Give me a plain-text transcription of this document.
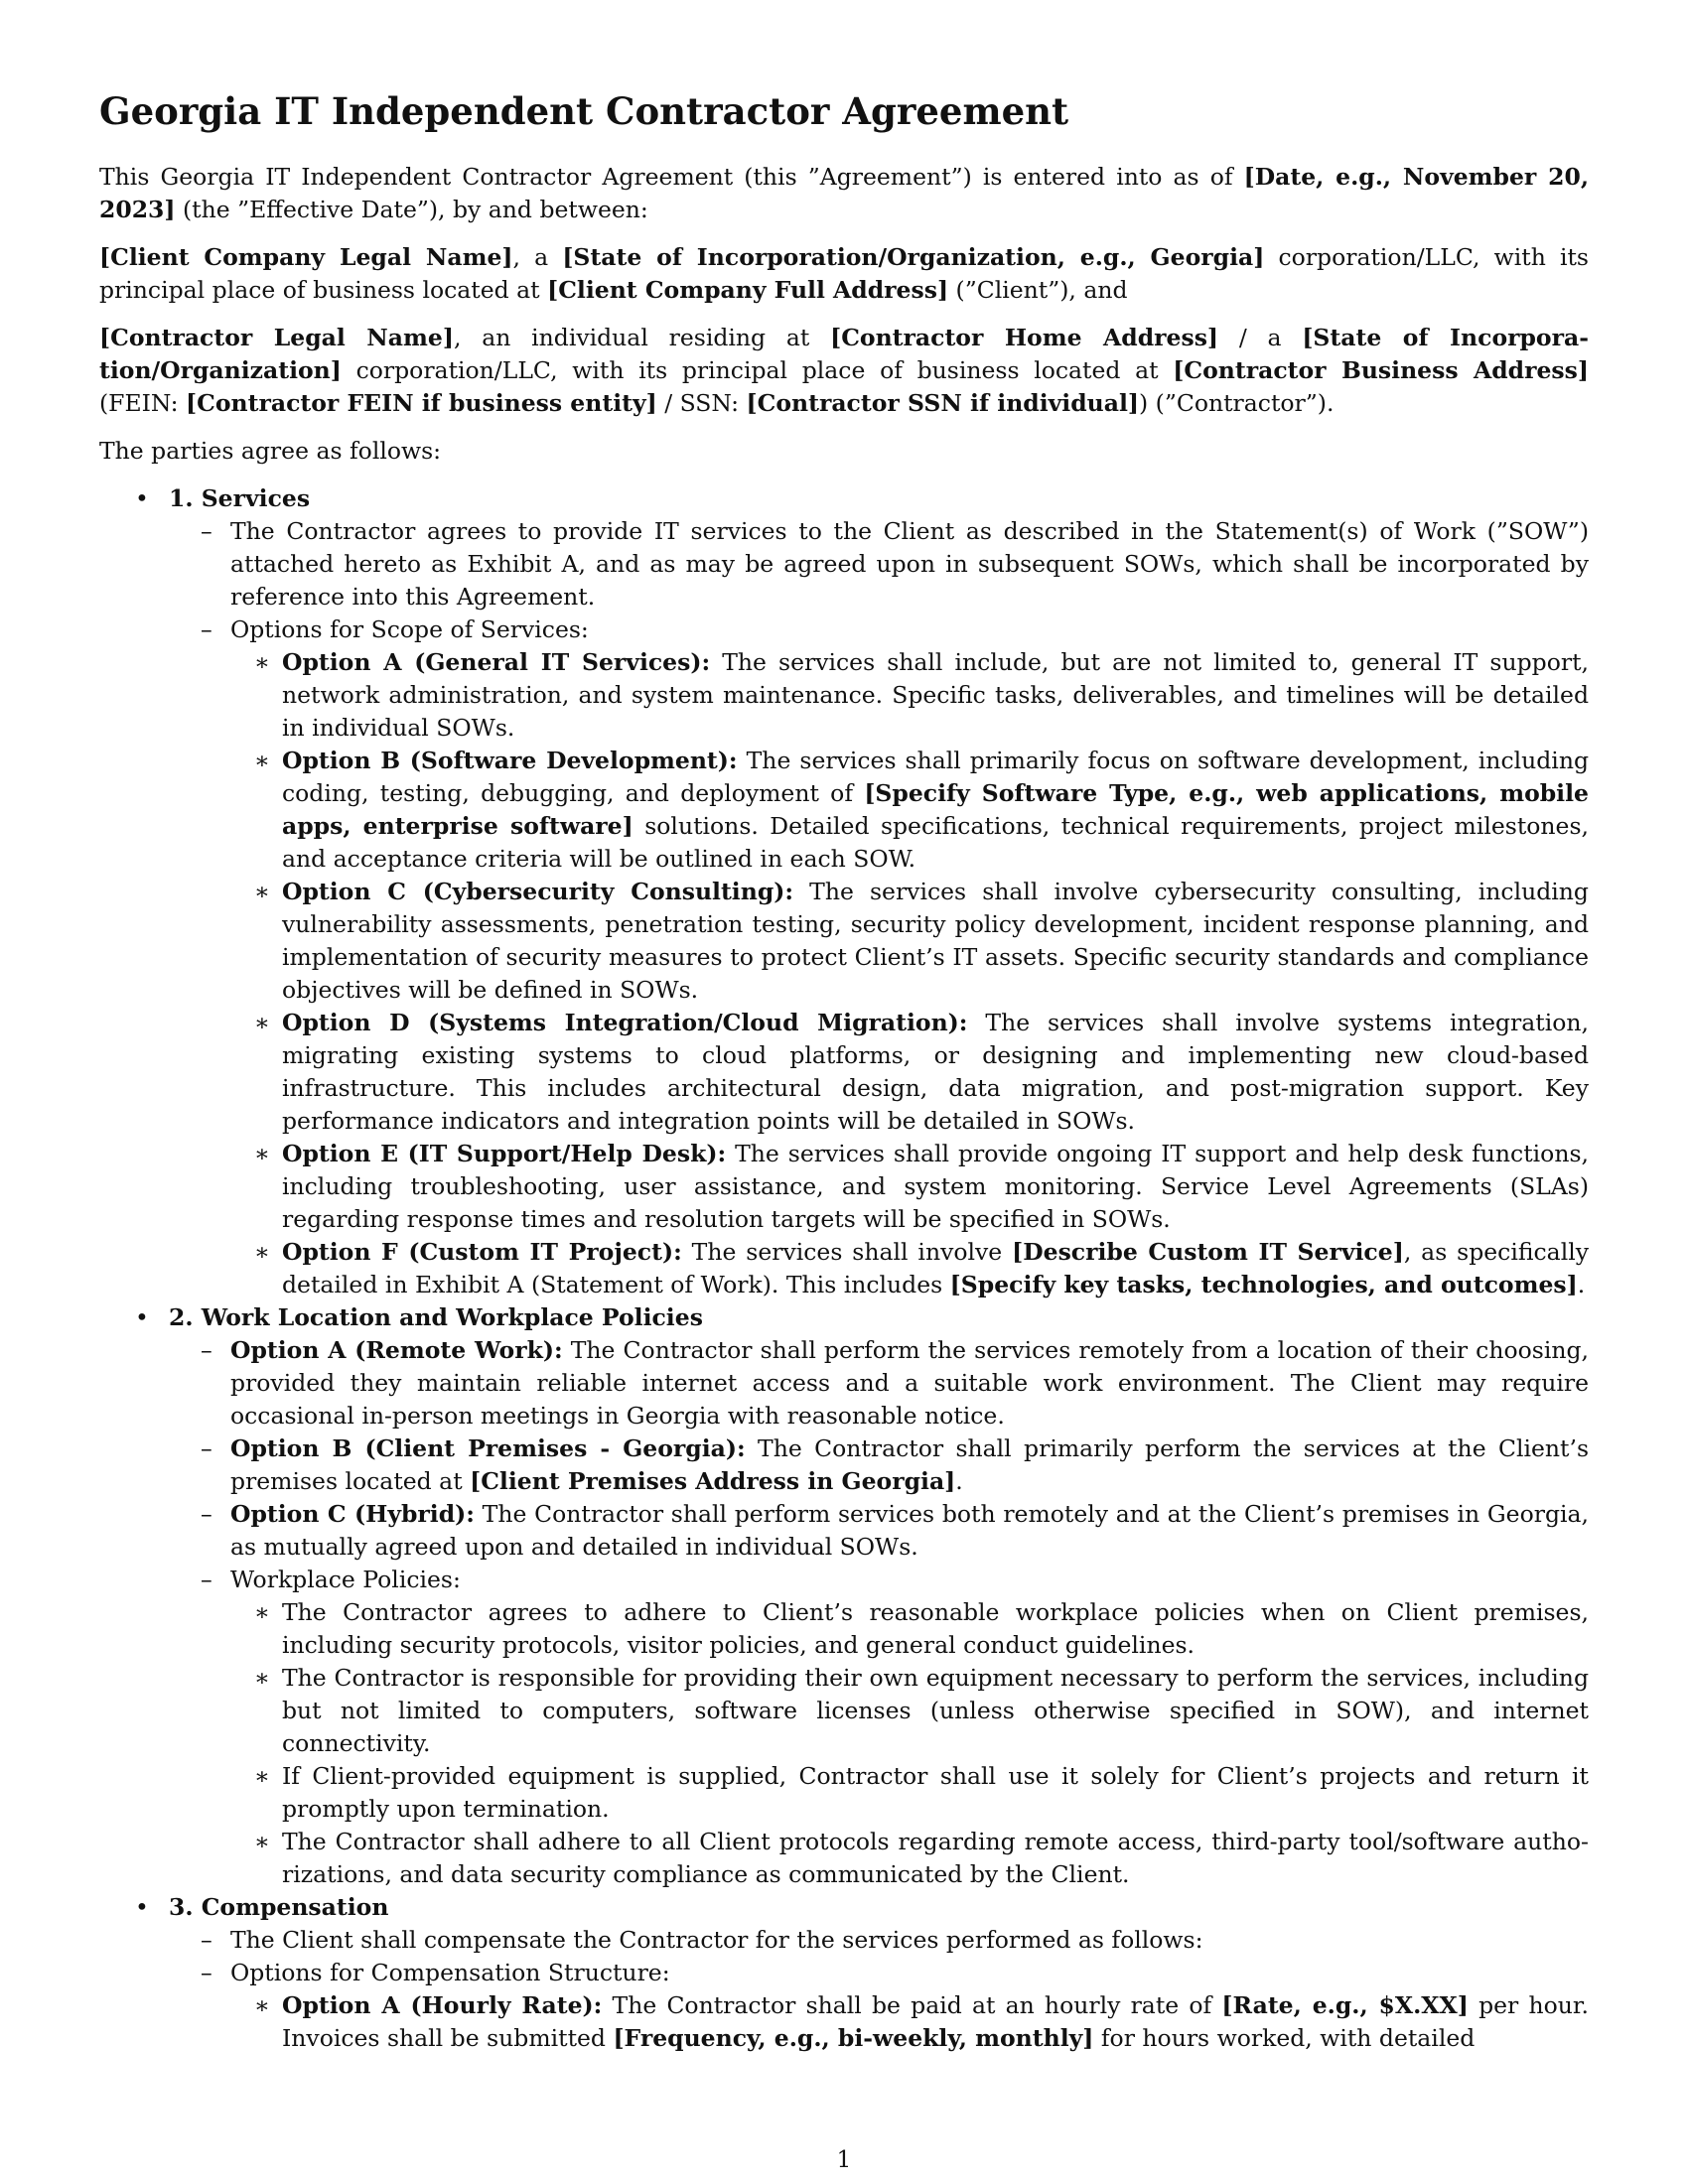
Georgia IT Independent Contractor Agreement

This Georgia IT Independent Contractor Agreement (this ”Agreement”) is entered into as of [Date, e.g., November 20, 2023] (the ”Effective Date”), by and between:

[Client Company Legal Name], a [State of Incorporation/Organization, e.g., Georgia] corporation/LLC, with its principal place of business located at [Client Company Full Address] (”Client”), and

[Contractor Legal Name], an individual residing at [Contractor Home Address] / a [State of Incorporation/Organization] corporation/LLC, with its principal place of business located at [Contractor Business Address] (FEIN: [Contractor FEIN if business entity] / SSN: [Contractor SSN if individual]) (”Contractor”).

The parties agree as follows:

• 1. Services
– The Contractor agrees to provide IT services to the Client as described in the Statement(s) of Work (”SOW”) attached hereto as Exhibit A, and as may be agreed upon in subsequent SOWs, which shall be incorporated by reference into this Agreement.
– Options for Scope of Services:
∗ Option A (General IT Services): The services shall include, but are not limited to, general IT support, network administration, and system maintenance. Specific tasks, deliverables, and timelines will be detailed in individual SOWs.
∗ Option B (Software Development): The services shall primarily focus on software development, including coding, testing, debugging, and deployment of [Specify Software Type, e.g., web applications, mobile apps, enterprise software] solutions. Detailed specifications, technical requirements, project milestones, and acceptance criteria will be outlined in each SOW.
∗ Option C (Cybersecurity Consulting): The services shall involve cybersecurity consulting, including vulnerability assessments, penetration testing, security policy development, incident response planning, and implementation of security measures to protect Client’s IT assets. Specific security standards and compliance objectives will be defined in SOWs.
∗ Option D (Systems Integration/Cloud Migration): The services shall involve systems integration, migrating existing systems to cloud platforms, or designing and implementing new cloud-based infrastructure. This includes architectural design, data migration, and post-migration support. Key performance indicators and integration points will be detailed in SOWs.
∗ Option E (IT Support/Help Desk): The services shall provide ongoing IT support and help desk functions, including troubleshooting, user assistance, and system monitoring. Service Level Agreements (SLAs) regarding response times and resolution targets will be specified in SOWs.
∗ Option F (Custom IT Project): The services shall involve [Describe Custom IT Service], as specifically detailed in Exhibit A (Statement of Work). This includes [Specify key tasks, technologies, and outcomes].
• 2. Work Location and Workplace Policies
– Option A (Remote Work): The Contractor shall perform the services remotely from a location of their choosing, provided they maintain reliable internet access and a suitable work environment. The Client may require occasional in-person meetings in Georgia with reasonable notice.
– Option B (Client Premises - Georgia): The Contractor shall primarily perform the services at the Client’s premises located at [Client Premises Address in Georgia].
– Option C (Hybrid): The Contractor shall perform services both remotely and at the Client’s premises in Georgia, as mutually agreed upon and detailed in individual SOWs.
– Workplace Policies:
∗ The Contractor agrees to adhere to Client’s reasonable workplace policies when on Client premises, including security protocols, visitor policies, and general conduct guidelines.
∗ The Contractor is responsible for providing their own equipment necessary to perform the services, including but not limited to computers, software licenses (unless otherwise specified in SOW), and internet connectivity.
∗ If Client-provided equipment is supplied, Contractor shall use it solely for Client’s projects and return it promptly upon termination.
∗ The Contractor shall adhere to all Client protocols regarding remote access, third-party tool/software authorizations, and data security compliance as communicated by the Client.
• 3. Compensation
– The Client shall compensate the Contractor for the services performed as follows:
– Options for Compensation Structure:
∗ Option A (Hourly Rate): The Contractor shall be paid at an hourly rate of [Rate, e.g., $X.XX] per hour. Invoices shall be submitted [Frequency, e.g., bi-weekly, monthly] for hours worked, with detailed
1
